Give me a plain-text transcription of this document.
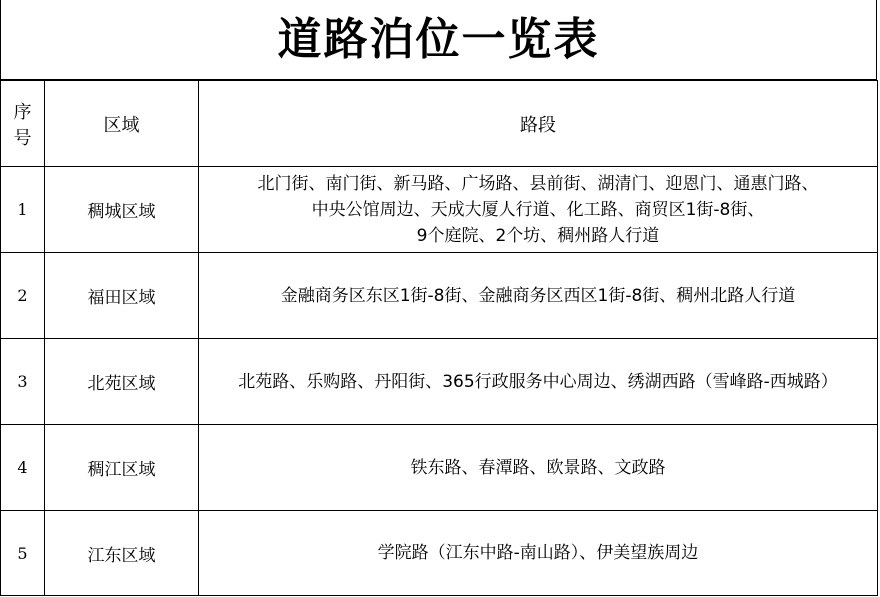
道路泊位一览表
序号	区域	路段
1	稠城区域	北门街、南门街、新马路、广场路、县前街、湖清门、迎恩门、通惠门路、
中央公馆周边、天成大厦人行道、化工路、商贸区1街-8街、
9个庭院、2个坊、稠州路人行道

2	福田区域	金融商务区东区1街-8街、金融商务区西区1街-8街、稠州北路人行道

3	北苑区域	北苑路、乐购路、丹阳街、365行政服务中心周边、绣湖西路（雪峰路-西城路）

4	稠江区域	铁东路、春潭路、欧景路、文政路

5	江东区域	学院路（江东中路-南山路）、伊美望族周边
